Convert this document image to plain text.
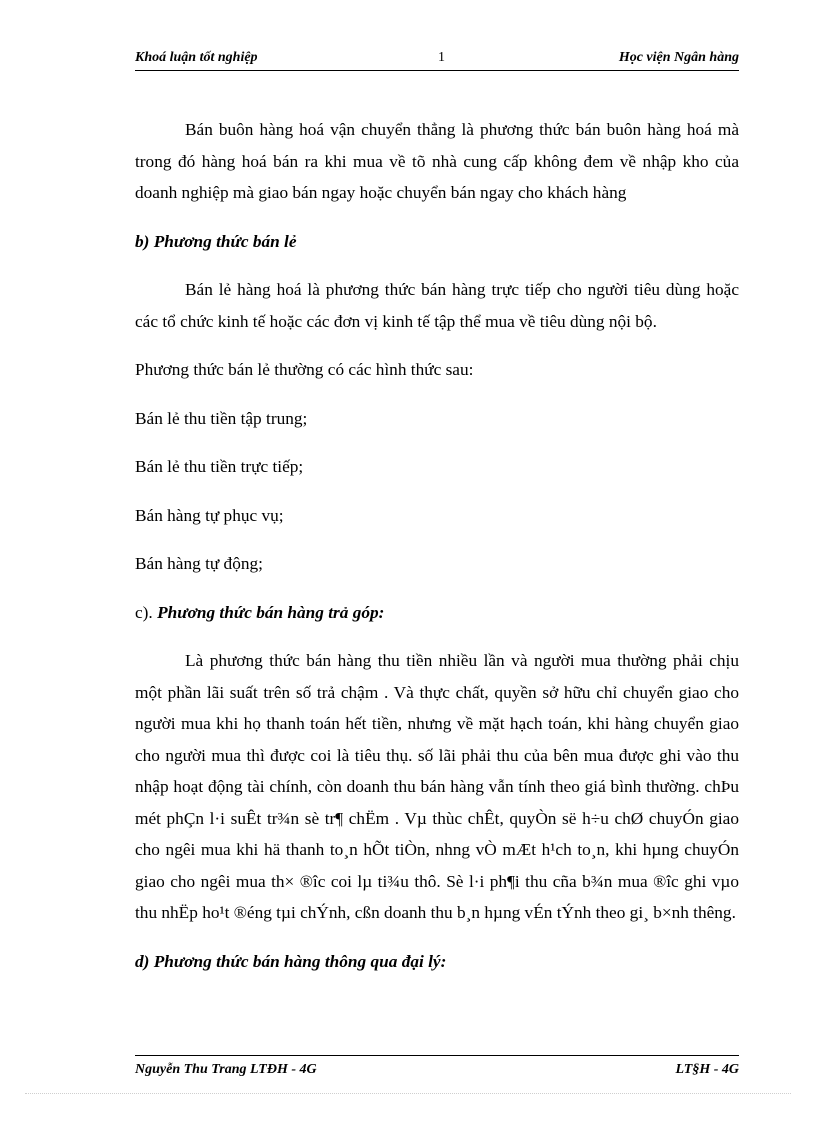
Khoá luận tốt nghiệp	1	Học viện Ngân hàng

Bán buôn hàng hoá vận chuyển thẳng là phương thức bán buôn hàng hoá mà trong đó hàng hoá bán ra khi mua về tõ nhà cung cấp không đem về nhập kho của doanh nghiệp mà giao bán ngay hoặc chuyển bán ngay cho khách hàng

b) Phương thức bán lẻ

Bán lẻ hàng hoá là phương thức bán hàng trực tiếp cho người tiêu dùng hoặc các tổ chức kinh tế hoặc các đơn vị kinh tế tập thể mua về tiêu dùng nội bộ.

Phương thức bán lẻ thường có các hình thức sau:

Bán lẻ thu tiền tập trung;

Bán lẻ thu tiền trực tiếp;

Bán hàng tự phục vụ;

Bán hàng tự động;

c). Phương thức bán hàng trả góp:

Là phương thức bán hàng thu tiền nhiều lần và người mua thường phải chịu một phần lãi suất trên số trả chậm . Và thực chất, quyền sở hữu chỉ chuyển giao cho người mua khi họ thanh toán hết tiền, nhưng về mặt hạch toán, khi hàng chuyển giao cho người mua thì được coi là tiêu thụ. số lãi phải thu của bên mua được ghi vào thu nhập hoạt động tài chính, còn doanh thu bán hàng vẫn tính theo giá bình thường. chÞu mét phÇn l·i suÊt tr¾n sè tr¶ chËm . Vµ thùc chÊt, quyÒn së h÷u chØ chuyÓn giao cho ngêi mua khi hä thanh to¸n hÕt tiÒn, nhng vÒ mÆt h¹ch to¸n, khi hµng chuyÓn giao cho ngêi mua th× ®îc coi lµ ti¾u thô. Sè l·i ph¶i thu cña b¾n mua ®îc ghi vµo thu nhËp ho¹t ®éng tµi chÝnh, cßn doanh thu b¸n hµng vÉn tÝnh theo gi¸ b×nh thêng.

d) Phương thức bán hàng thông qua đại lý:

Nguyễn Thu Trang LTĐH - 4G	LT§H - 4G
